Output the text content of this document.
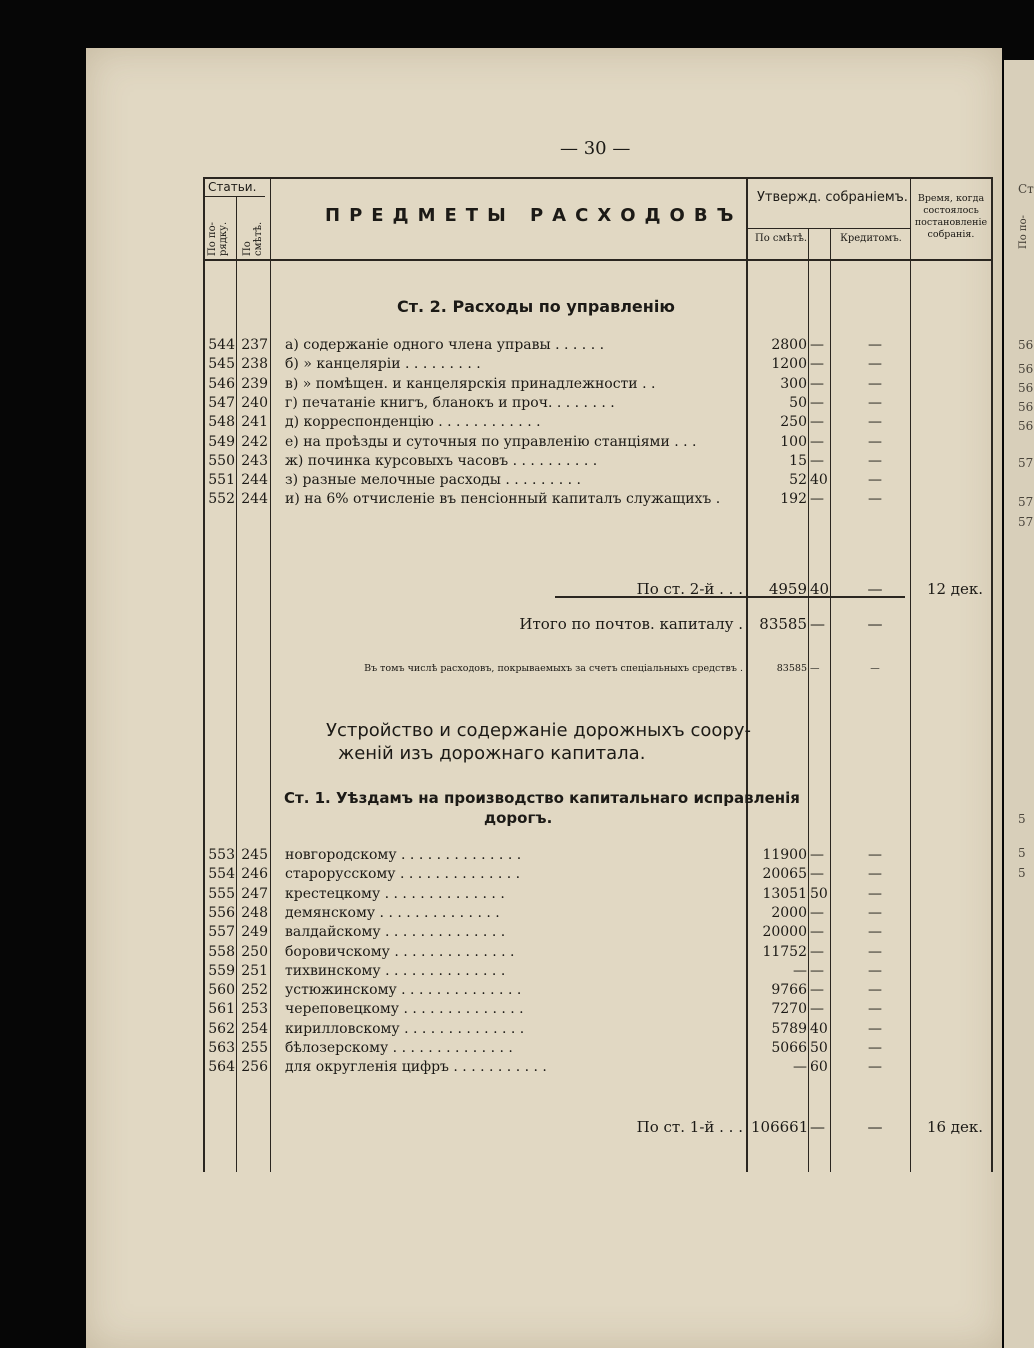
Ст
По по-
56
56
56
56
56
57
57
57
5
5
5
— 30 —
Статьи.
По по-рядку. По смѣтѣ.
ПРЕДМЕТЫ РАСХОДОВЪ
Утвержд. собраніемъ.
По смѣтѣ.	Кредитомъ.
Время, когда состоялось постановленіе собранія.
Ст. 2. Расходы по управленію
544 237 а) содержаніе одного члена управы . . . . . .	2800 —	—
545 238 б) » канцеляріи . . . . . . . . .	1200 —	—
546 239 в) » помѣщен. и канцелярскія принадлежности . .	300 —	—
547 240 г) печатаніе книгъ, бланокъ и проч. . . . . . . .	50 —	—
548 241 д) корреспонденцію . . . . . . . . . . . .	250 —	—
549 242 е) на проѣзды и суточныя по управленію станціями . . .	100 —	—
550 243 ж) починка курсовыхъ часовъ . . . . . . . . . .	15 —	—
551 244 з) разные мелочные расходы . . . . . . . . .	52 40	—
552 244 и) на 6% отчисленіе въ пенсіонный капиталъ служащихъ .	192 —	—
По ст. 2-й . . .	4959 40	—	12 дек.
Итого по почтов. капиталу .	83585 —	—
Въ томъ числѣ расходовъ, покрываемыхъ за счетъ спеціальныхъ средствъ .	83585 —	—
Устройство и содержаніе дорожныхъ соору-
женій изъ дорожнаго капитала.
Ст. 1. Уѣздамъ на производство капитальнаго исправленія
дорогъ.
553 245 новгородскому . . . . . . . . . . . . . .	11900 —	—
554 246 старорусскому . . . . . . . . . . . . . .	20065 —	—
555 247 крестецкому . . . . . . . . . . . . . .	13051 50	—
556 248 демянскому . . . . . . . . . . . . . .	2000 —	—
557 249 валдайскому . . . . . . . . . . . . . .	20000 —	—
558 250 боровичскому . . . . . . . . . . . . . .	11752 —	—
559 251 тихвинскому . . . . . . . . . . . . . .	— —	—
560 252 устюжинскому . . . . . . . . . . . . . .	9766 —	—
561 253 череповецкому . . . . . . . . . . . . . .	7270 —	—
562 254 кирилловскому . . . . . . . . . . . . . .	5789 40	—
563 255 бѣлозерскому . . . . . . . . . . . . . .	5066 50	—
564 256 для округленія цифръ . . . . . . . . . . .	— 60	—
По ст. 1-й . . . 106661 —	—	16 дек.
